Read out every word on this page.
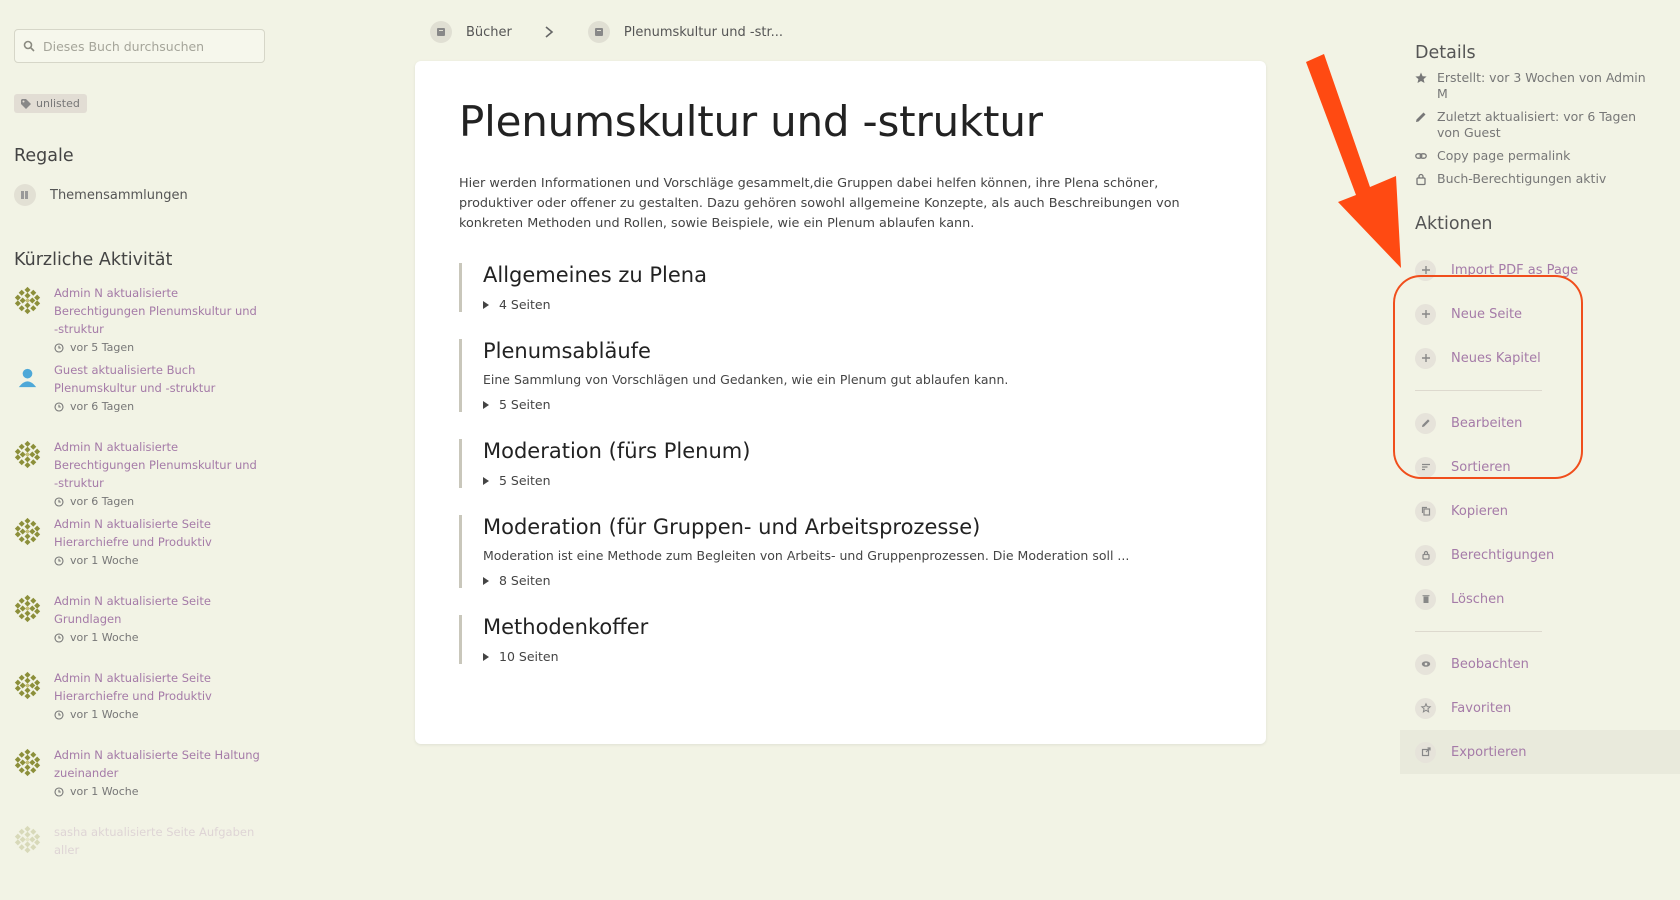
Dieses Buch durchsuchen
unlisted
Regale
Themensammlungen
Kürzliche Aktivität
Admin N aktualisierte Berechtigungen Plenumskultur und -struktur
vor 5 Tagen
Guest aktualisierte Buch Plenumskultur und -struktur
vor 6 Tagen
Admin N aktualisierte Berechtigungen Plenumskultur und -struktur
vor 6 Tagen
Admin N aktualisierte Seite Hierarchiefre und Produktiv
vor 1 Woche
Admin N aktualisierte Seite Grundlagen
vor 1 Woche
Admin N aktualisierte Seite Hierarchiefre und Produktiv
vor 1 Woche
Admin N aktualisierte Seite Haltung zueinander
vor 1 Woche
sasha aktualisierte Seite Aufgaben aller
Bücher	Plenumskultur und -str...
Plenumskultur und -struktur

Hier werden Informationen und Vorschläge gesammelt,die Gruppen dabei helfen können, ihre Plena schöner, produktiver oder offener zu gestalten. Dazu gehören sowohl allgemeine Konzepte, als auch Beschreibungen von konkreten Methoden und Rollen, sowie Beispiele, wie ein Plenum ablaufen kann.

Allgemeines zu Plena
4 Seiten
Plenumsabläufe
Eine Sammlung von Vorschlägen und Gedanken, wie ein Plenum gut ablaufen kann.
5 Seiten
Moderation (fürs Plenum)
5 Seiten
Moderation (für Gruppen- und Arbeitsprozesse)
Moderation ist eine Methode zum Begleiten von Arbeits- und Gruppenprozessen. Die Moderation soll ...
8 Seiten
Methodenkoffer
10 Seiten
Details
Erstellt: vor 3 Wochen von Admin M
Zuletzt aktualisiert: vor 6 Tagen von Guest
Copy page permalink
Buch-Berechtigungen aktiv
Aktionen
Import PDF as Page
Neue Seite
Neues Kapitel
Bearbeiten
Sortieren
Kopieren
Berechtigungen
Löschen
Beobachten
Favoriten
Exportieren
